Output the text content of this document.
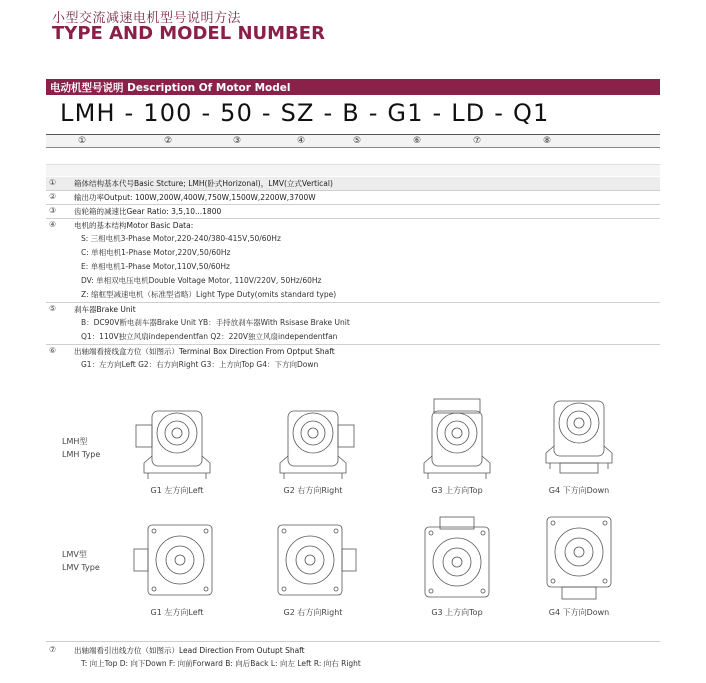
小型交流减速电机型号说明方法
TYPE AND MODEL NUMBER
电动机型号说明 Description Of Motor Model
LMH - 100 - 50 - SZ - B - G1 - LD - Q1
①	②	③	④	⑤	⑥	⑦	⑧
①	箱体结构基本代号Basic Stcture; LMH(卧式Horizonal)，LMV(立式Vertical)
②	输出功率Output: 100W,200W,400W,750W,1500W,2200W,3700W
③	齿轮箱的减速比Gear Ratio: 3,5,10...1800
④	电机的基本结构Motor Basic Data:
S: 三相电机3-Phase Motor,220-240/380-415V,50/60Hz
C: 单相电机1-Phase Motor,220V,50/60Hz
E: 单相电机1-Phase Motor,110V,50/60Hz
DV: 单相双电压电机Double Voltage Motor, 110V/220V, 50Hz/60Hz
Z: 缩框型减速电机（标准型省略）Light Type Duty(omits standard type)
⑤	刹车器Brake Unit
B：DC90V断电刹车器Brake Unit YB：手持放刹车器With Rsisase Brake Unit
Q1：110V独立风扇independentfan Q2：220V独立风扇independentfan
⑥	出轴端看接线盒方位（如图示）Terminal Box Direction From Optput Shaft
G1：左方向Left G2：右方向Right G3：上方向Top G4：下方向Down
LMH型
LMH Type
LMV型
LMV Type
G1 左方向Left	G2 右方向Right	G3 上方向Top	G4 下方向Down
G1 左方向Left	G2 右方向Right	G3 上方向Top	G4 下方向Down
⑦	出轴端看引出线方位（如图示）Lead Direction From Outupt Shaft
T: 向上Top D: 向下Down F: 向前Forward B: 向后Back L: 向左 Left R: 向右 Right
